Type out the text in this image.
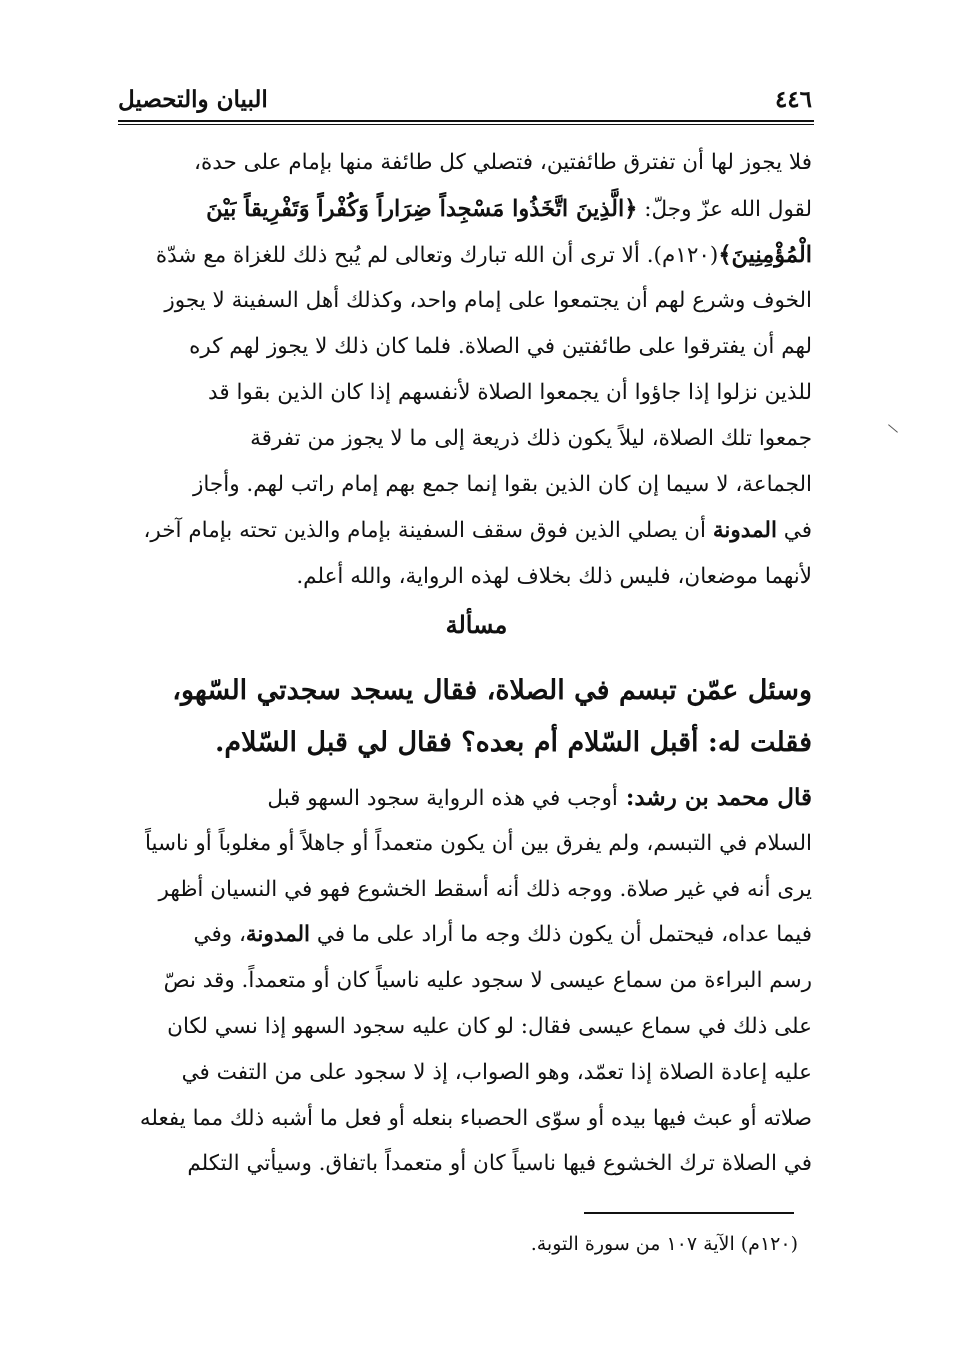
البيان والتحصيل	٤٤٦
فلا يجوز لها أن تفترق طائفتين، فتصلي كل طائفة منها بإمام على حدة،
لقول الله عزّ وجلّ: ﴿الَّذِينَ اتَّخَذُوا مَسْجِداً ضِرَاراً وَكُفْراً وَتَفْرِيقاً بَيْنَ
الْمُؤْمِنِينَ﴾(١٢٠م). ألا ترى أن الله تبارك وتعالى لم يُبح ذلك للغزاة مع شدّة
الخوف وشرع لهم أن يجتمعوا على إمام واحد، وكذلك أهل السفينة لا يجوز
لهم أن يفترقوا على طائفتين في الصلاة. فلما كان ذلك لا يجوز لهم كره
للذين نزلوا إذا جاؤوا أن يجمعوا الصلاة لأنفسهم إذا كان الذين بقوا قد
جمعوا تلك الصلاة، ليلاً يكون ذلك ذريعة إلى ما لا يجوز من تفرقة
الجماعة، لا سيما إن كان الذين بقوا إنما جمع بهم إمام راتب لهم. وأجاز
في المدونة أن يصلي الذين فوق سقف السفينة بإمام والذين تحته بإمام آخر،
لأنهما موضعان، فليس ذلك بخلاف لهذه الرواية، والله أعلم.
مسألة
وسئل عمّن تبسم في الصلاة، فقال يسجد سجدتي السّهو،
فقلت له: أقبل السّلام أم بعده؟ فقال لي قبل السّلام.
قال محمد بن رشد: أوجب في هذه الرواية سجود السهو قبل
السلام في التبسم، ولم يفرق بين أن يكون متعمداً أو جاهلاً أو مغلوباً أو ناسياً
يرى أنه في غير صلاة. ووجه ذلك أنه أسقط الخشوع فهو في النسيان أظهر
فيما عداه، فيحتمل أن يكون ذلك وجه ما أراد على ما في المدونة، وفي
رسم البراءة من سماع عيسى لا سجود عليه ناسياً كان أو متعمداً. وقد نصّ
على ذلك في سماع عيسى فقال: لو كان عليه سجود السهو إذا نسي لكان
عليه إعادة الصلاة إذا تعمّد، وهو الصواب، إذ لا سجود على من التفت في
صلاته أو عبث فيها بيده أو سوّى الحصباء بنعله أو فعل ما أشبه ذلك مما يفعله
في الصلاة ترك الخشوع فيها ناسياً كان أو متعمداً باتفاق. وسيأتي التكلم
(١٢٠م) الآية ١٠٧ من سورة التوبة.
